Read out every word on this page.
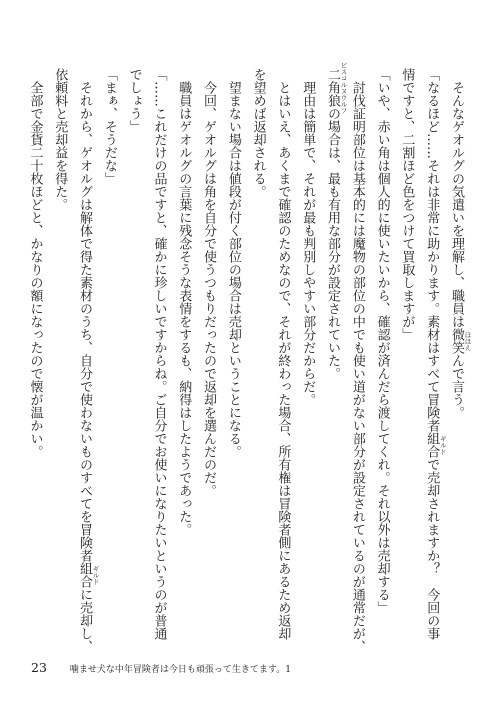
　そんなゲオルグの気遣いを理解し、職員は微笑 ほほえ
んで言う。
「なるほど……それは非常に助かります。素材はすべて冒険者組合 ギルド
で売却されますか？　今回の事
情ですと、二割ほど色をつけて買取しますが」
「いや、赤い角は個人的に使いたいから、確認が済んだら渡してくれ。それ以外は売却する」
　討伐証明部位は基本的には魔物の部位の中でも使い道がない部分が設定されているのが通常だが、
二角狼 ビスコルヌウルフ
の場合は、最も有用な部分が設定されていた。
　理由は簡単で、それが最も判別しやすい部分だからだ。
　とはいえ、あくまで確認のためなので、それが終わった場合、所有権は冒険者側にあるため返却
を望めば返却される。
　望まない場合は値段が付く部位の場合は売却ということになる。
　今回、ゲオルグは角を自分で使うつもりだったので返却を選んだのだ。
　職員はゲオルグの言葉に残念そうな表情をするも、納得はしたようであった。
「……これだけの品ですと、確かに珍しいですからね。ご自分でお使いになりたいというのが普通
でしょう」
「まぁ、そうだな」
　それから、ゲオルグは解体で得た素材のうち、自分で使わないものすべてを冒険者組合 ギルド
に売却し、
依頼料と売却益を得た。
　全部で金貨二十枚ほどと、かなりの額になったので懐が温かい。
23	噛ませ犬な中年冒険者は今日も頑張って生きてます。1
